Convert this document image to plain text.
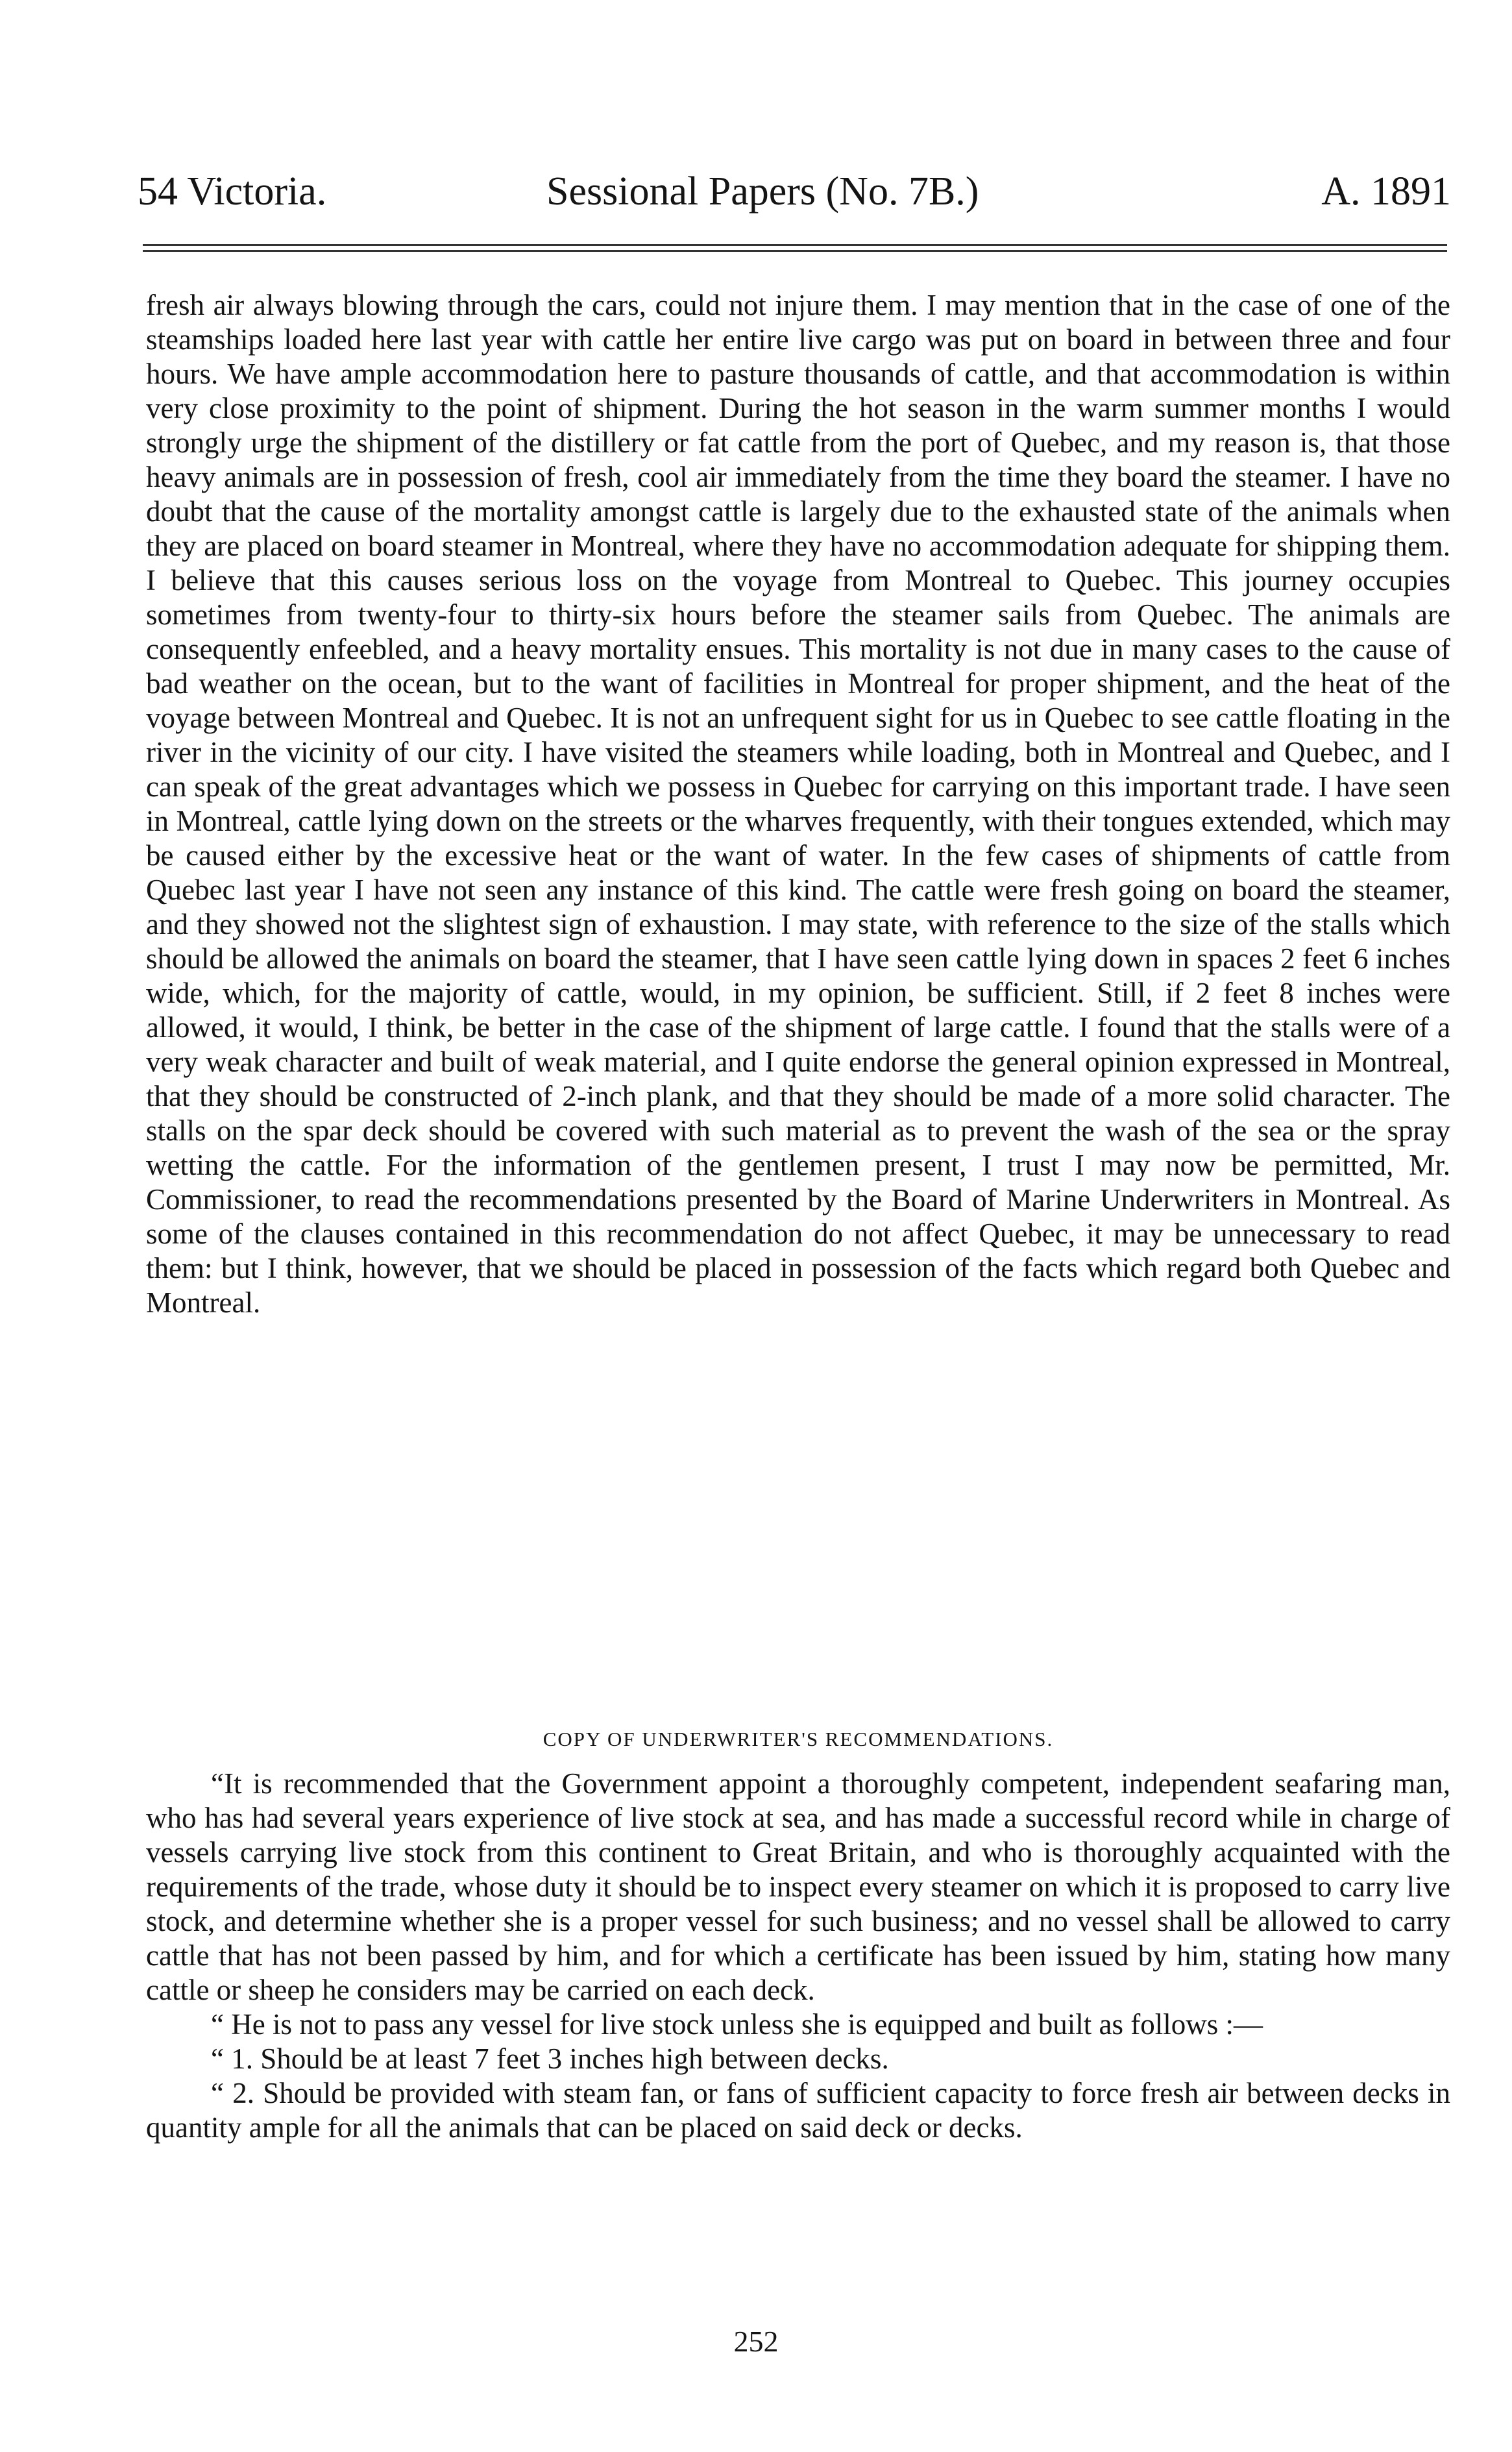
54 Victoria.	Sessional Papers (No. 7B.)	A. 1891

fresh air always blowing through the cars, could not injure them. I may mention that in the case of one of the steamships loaded here last year with cattle her entire live cargo was put on board in between three and four hours. We have ample accommodation here to pasture thousands of cattle, and that accommodation is within very close proximity to the point of shipment. During the hot season in the warm summer months I would strongly urge the shipment of the distillery or fat cattle from the port of Quebec, and my reason is, that those heavy animals are in possession of fresh, cool air immediately from the time they board the steamer. I have no doubt that the cause of the mortality amongst cattle is largely due to the exhausted state of the animals when they are placed on board steamer in Montreal, where they have no accommodation adequate for shipping them. I believe that this causes serious loss on the voyage from Montreal to Quebec. This journey occupies sometimes from twenty-four to thirty-six hours before the steamer sails from Quebec. The animals are consequently enfeebled, and a heavy mortality ensues. This mortality is not due in many cases to the cause of bad weather on the ocean, but to the want of facilities in Montreal for proper shipment, and the heat of the voyage between Montreal and Quebec. It is not an unfrequent sight for us in Quebec to see cattle floating in the river in the vicinity of our city. I have visited the steamers while loading, both in Montreal and Quebec, and I can speak of the great advantages which we possess in Quebec for carrying on this important trade. I have seen in Montreal, cattle lying down on the streets or the wharves frequently, with their tongues extended, which may be caused either by the excessive heat or the want of water. In the few cases of shipments of cattle from Quebec last year I have not seen any instance of this kind. The cattle were fresh going on board the steamer, and they showed not the slightest sign of exhaustion. I may state, with reference to the size of the stalls which should be allowed the animals on board the steamer, that I have seen cattle lying down in spaces 2 feet 6 inches wide, which, for the majority of cattle, would, in my opinion, be sufficient. Still, if 2 feet 8 inches were allowed, it would, I think, be better in the case of the shipment of large cattle. I found that the stalls were of a very weak character and built of weak material, and I quite endorse the general opinion expressed in Montreal, that they should be constructed of 2-inch plank, and that they should be made of a more solid character. The stalls on the spar deck should be covered with such material as to prevent the wash of the sea or the spray wetting the cattle. For the information of the gentlemen present, I trust I may now be permitted, Mr. Commissioner, to read the recommendations presented by the Board of Marine Underwriters in Montreal. As some of the clauses contained in this recommendation do not affect Quebec, it may be unnecessary to read them: but I think, however, that we should be placed in possession of the facts which regard both Quebec and Montreal.

COPY OF UNDERWRITER'S RECOMMENDATIONS.

“It is recommended that the Government appoint a thoroughly competent, independent seafaring man, who has had several years experience of live stock at sea, and has made a successful record while in charge of vessels carrying live stock from this continent to Great Britain, and who is thoroughly acquainted with the requirements of the trade, whose duty it should be to inspect every steamer on which it is proposed to carry live stock, and determine whether she is a proper vessel for such business; and no vessel shall be allowed to carry cattle that has not been passed by him, and for which a certificate has been issued by him, stating how many cattle or sheep he considers may be carried on each deck.

“ He is not to pass any vessel for live stock unless she is equipped and built as follows :—

“ 1. Should be at least 7 feet 3 inches high between decks.

“ 2. Should be provided with steam fan, or fans of sufficient capacity to force fresh air between decks in quantity ample for all the animals that can be placed on said deck or decks.

252
